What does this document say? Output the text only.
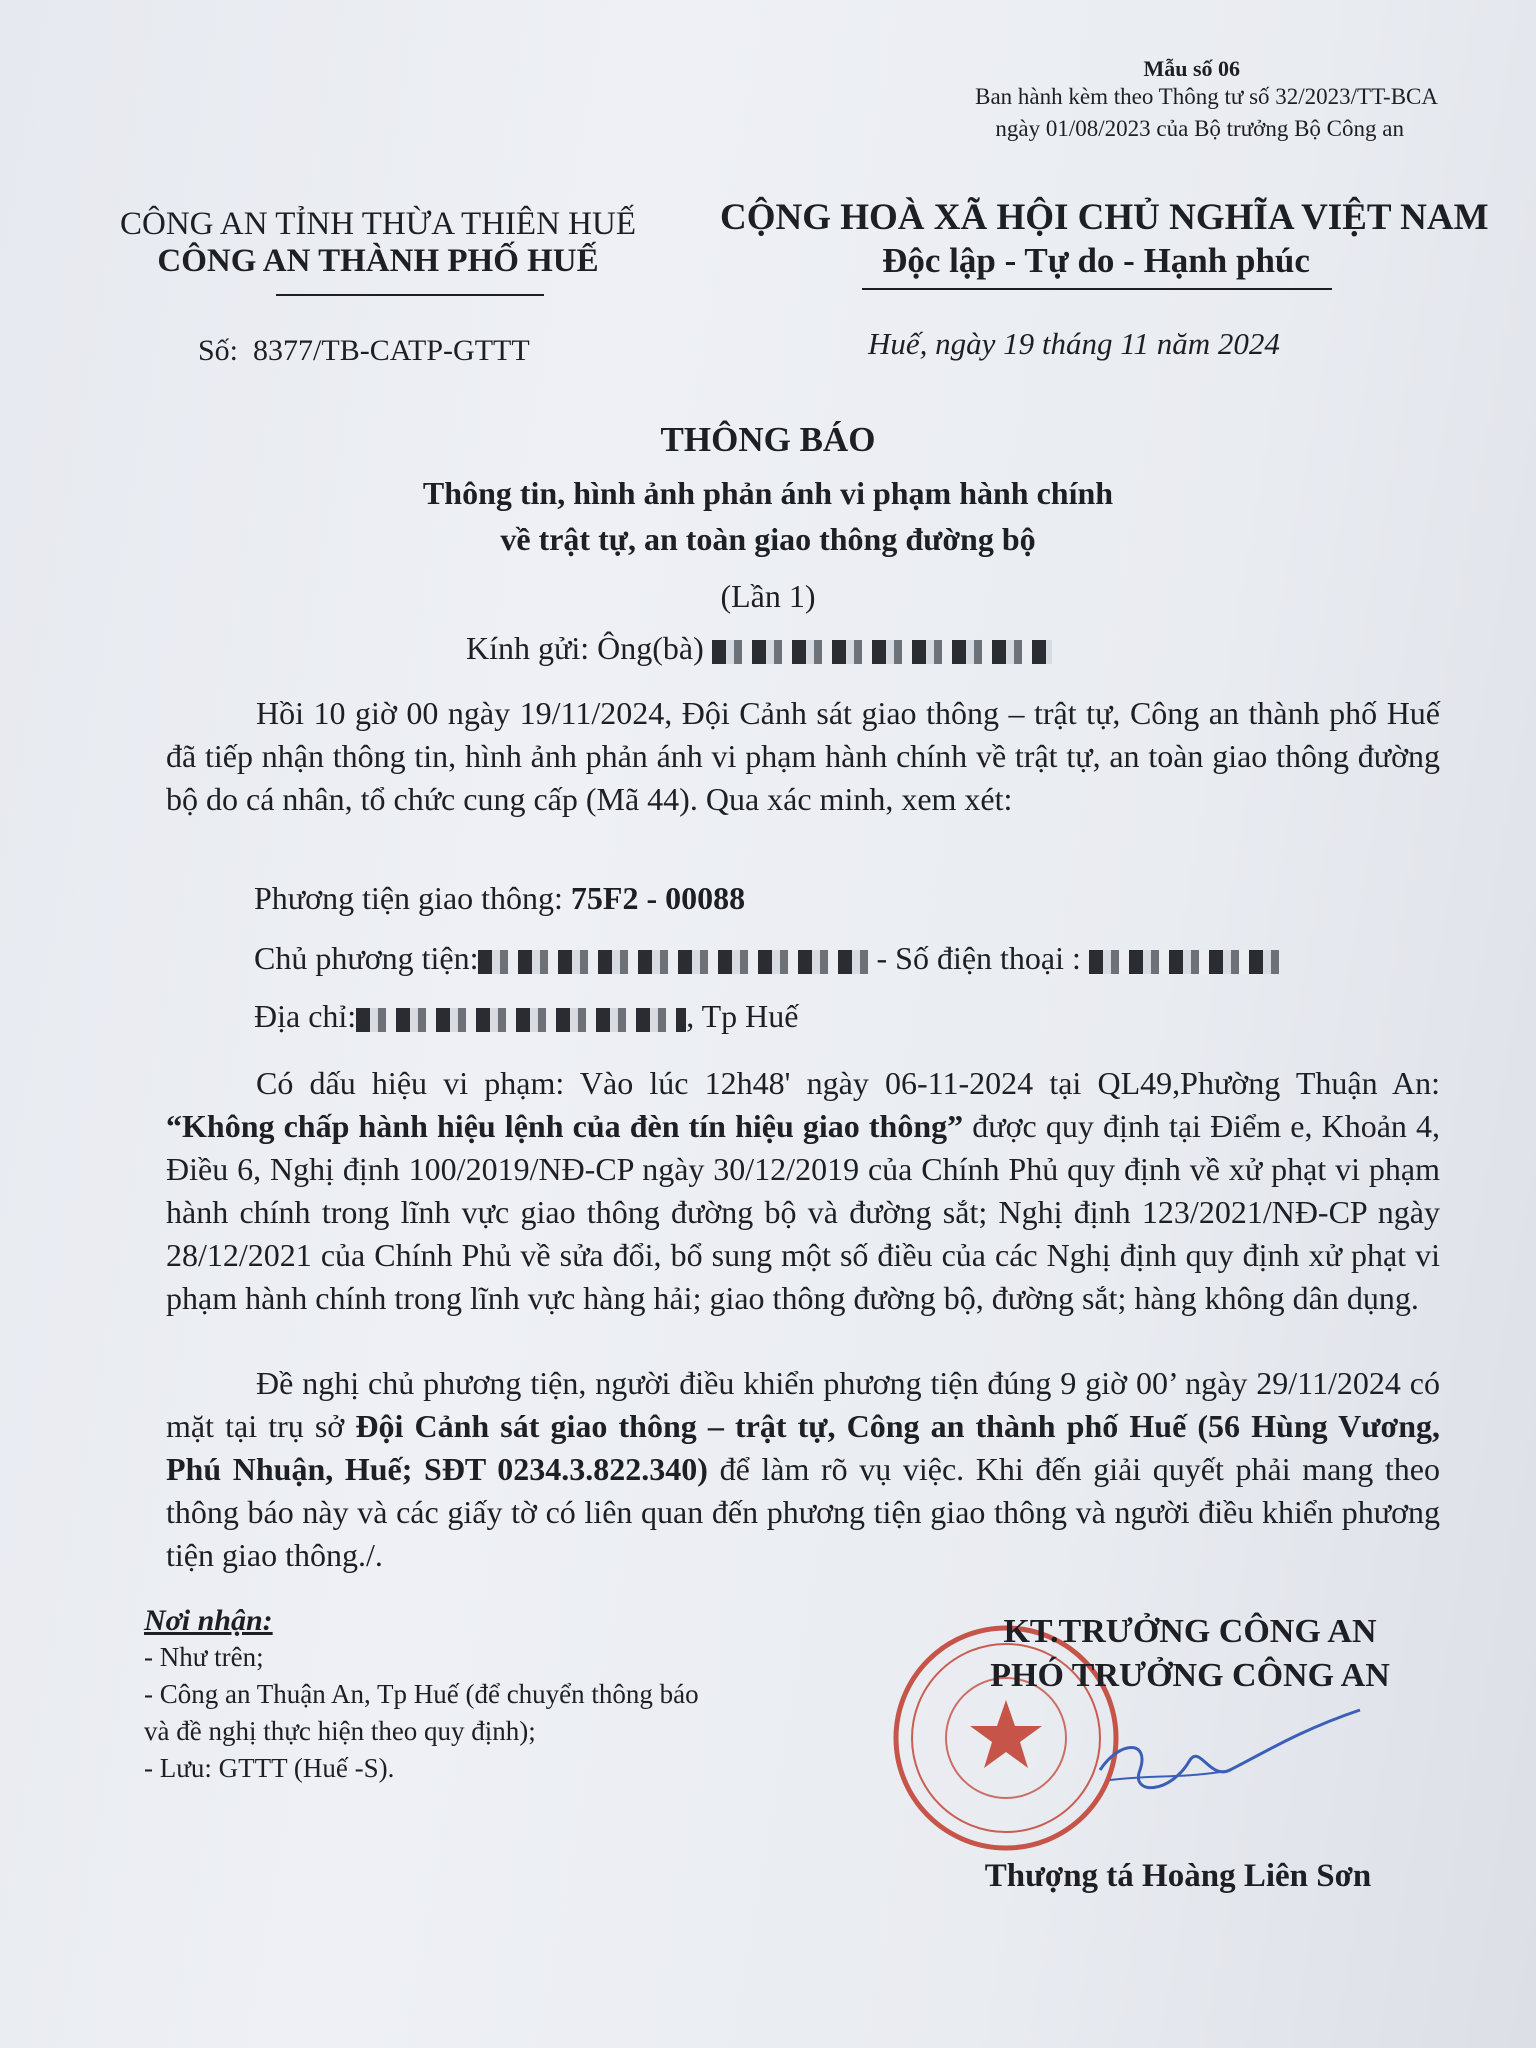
Mẫu số 06
Ban hành kèm theo Thông tư số 32/2023/TT-BCA
ngày 01/08/2023 của Bộ trưởng Bộ Công an
CÔNG AN TỈNH THỪA THIÊN HUẾ
CÔNG AN THÀNH PHỐ HUẾ
CỘNG HOÀ XÃ HỘI CHỦ NGHĨA VIỆT NAM
Độc lập - Tự do - Hạnh phúc
Số: 8377/TB-CATP-GTTT	Huế, ngày 19 tháng 11 năm 2024
THÔNG BÁO
Thông tin, hình ảnh phản ánh vi phạm hành chính
về trật tự, an toàn giao thông đường bộ
(Lần 1)
Kính gửi: Ông(bà)
Hồi 10 giờ 00 ngày 19/11/2024, Đội Cảnh sát giao thông – trật tự, Công an thành phố Huế đã tiếp nhận thông tin, hình ảnh phản ánh vi phạm hành chính về trật tự, an toàn giao thông đường bộ do cá nhân, tổ chức cung cấp (Mã 44). Qua xác minh, xem xét:
Phương tiện giao thông: 75F2 - 00088
Chủ phương tiện:	- Số điện thoại :
Địa chỉ:	, Tp Huế
Có dấu hiệu vi phạm: Vào lúc 12h48' ngày 06-11-2024 tại QL49,Phường Thuận An: “Không chấp hành hiệu lệnh của đèn tín hiệu giao thông” được quy định tại Điểm e, Khoản 4, Điều 6, Nghị định 100/2019/NĐ-CP ngày 30/12/2019 của Chính Phủ quy định về xử phạt vi phạm hành chính trong lĩnh vực giao thông đường bộ và đường sắt; Nghị định 123/2021/NĐ-CP ngày 28/12/2021 của Chính Phủ về sửa đổi, bổ sung một số điều của các Nghị định quy định xử phạt vi phạm hành chính trong lĩnh vực hàng hải; giao thông đường bộ, đường sắt; hàng không dân dụng.
Đề nghị chủ phương tiện, người điều khiển phương tiện đúng 9 giờ 00’ ngày 29/11/2024 có mặt tại trụ sở Đội Cảnh sát giao thông – trật tự, Công an thành phố Huế (56 Hùng Vương, Phú Nhuận, Huế; SĐT 0234.3.822.340) để làm rõ vụ việc. Khi đến giải quyết phải mang theo thông báo này và các giấy tờ có liên quan đến phương tiện giao thông và người điều khiển phương tiện giao thông./.
Nơi nhận:
- Như trên;
- Công an Thuận An, Tp Huế (để chuyển thông báo
và đề nghị thực hiện theo quy định);
- Lưu: GTTT (Huế -S).
KT.TRƯỞNG CÔNG AN
PHÓ TRƯỞNG CÔNG AN
Thượng tá Hoàng Liên Sơn
